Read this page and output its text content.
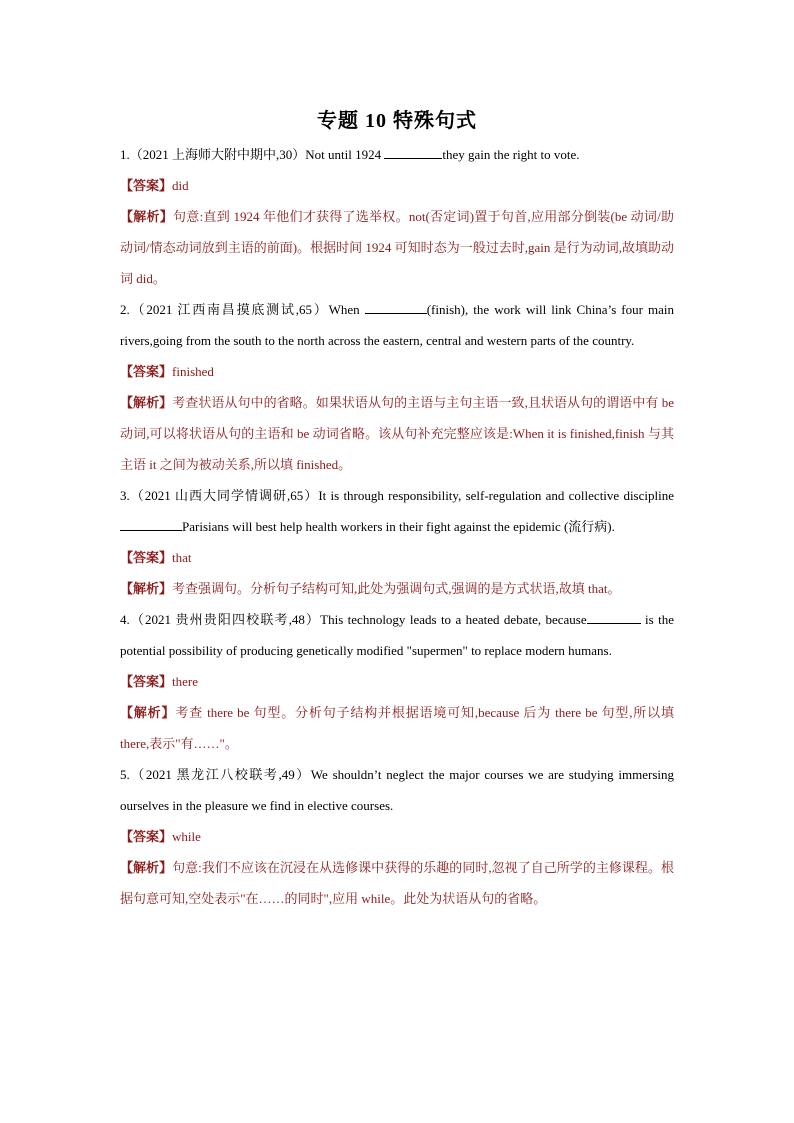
专题 10 特殊句式
1.（2021 上海师大附中期中,30）Not until 1924	they gain the right to vote.
【答案】did
【解析】句意:直到 1924 年他们才获得了选举权。not(否定词)置于句首,应用部分倒装(be 动词/助动词/情态动词放到主语的前面)。根据时间 1924 可知时态为一般过去时,gain 是行为动词,故填助动词 did。
2.（2021 江西南昌摸底测试,65）When	(finish), the work will link China’s four main rivers,going from the south to the north across the eastern, central and western parts of the country.
【答案】finished
【解析】考查状语从句中的省略。如果状语从句的主语与主句主语一致,且状语从句的谓语中有 be 动词,可以将状语从句的主语和 be 动词省略。该从句补充完整应该是:When it is finished,finish 与其主语 it 之间为被动关系,所以填 finished。
3.（2021 山西大同学情调研,65）It is through responsibility, self-regulation and collective discipline Parisians will best help health workers in their fight against the epidemic (流行病).
【答案】that
【解析】考查强调句。分析句子结构可知,此处为强调句式,强调的是方式状语,故填 that。
4.（2021 贵州贵阳四校联考,48）This technology leads to a heated debate, because	is the potential possibility of producing genetically modified "supermen" to replace modern humans.
【答案】there
【解析】考查 there be 句型。分析句子结构并根据语境可知,because 后为 there be 句型,所以填 there,表示"有……"。
5.（2021 黑龙江八校联考,49）We shouldn’t neglect the major courses we are studying immersing ourselves in the pleasure we find in elective courses.
【答案】while
【解析】句意:我们不应该在沉浸在从选修课中获得的乐趣的同时,忽视了自己所学的主修课程。根据句意可知,空处表示"在……的同时",应用 while。此处为状语从句的省略。
